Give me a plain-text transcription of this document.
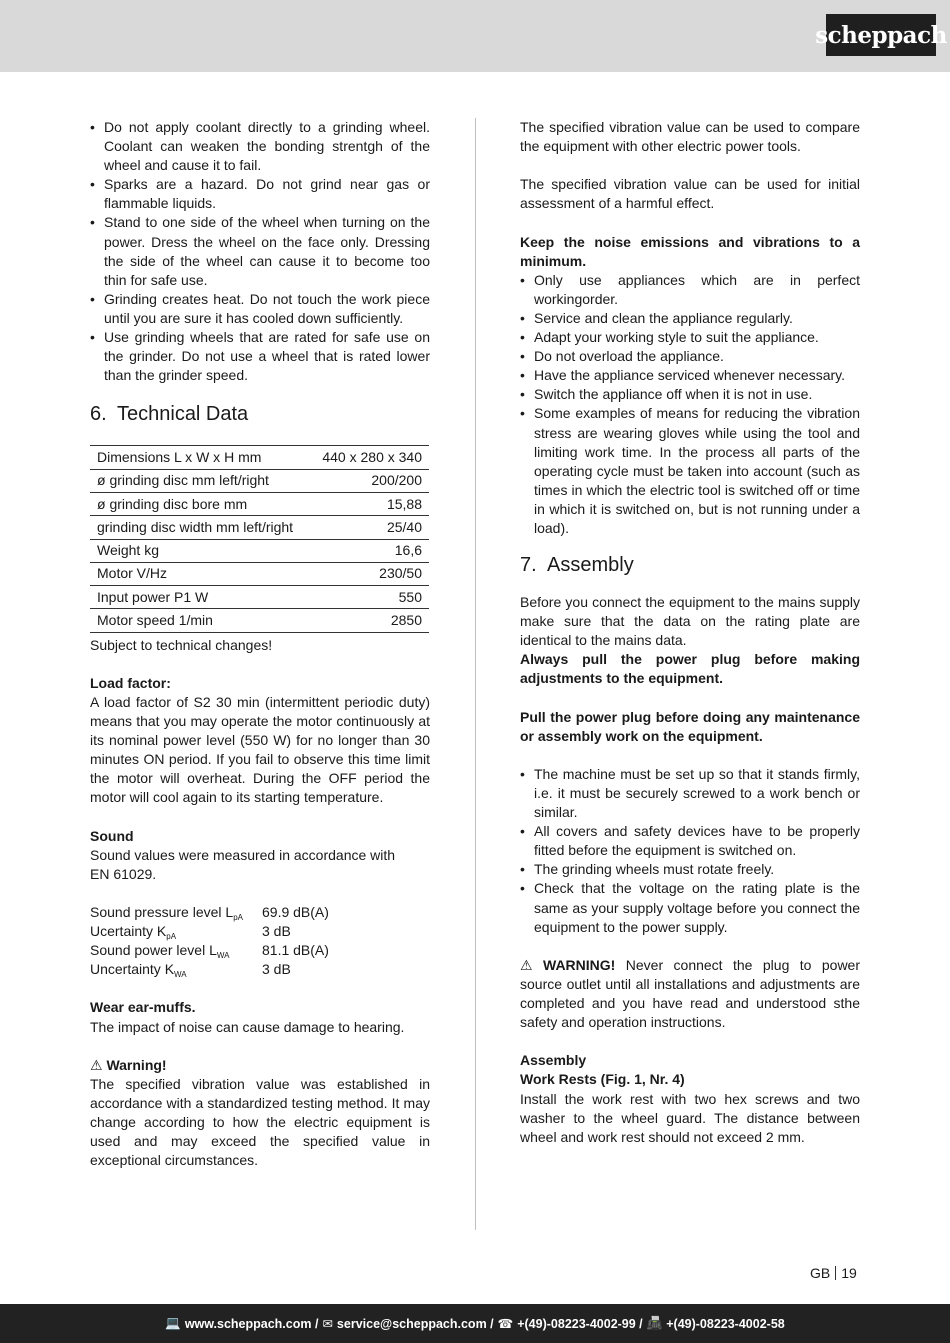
scheppach
• Do not apply coolant directly to a grinding wheel. Coolant can weaken the bonding strentgh of the wheel and cause it to fail.
• Sparks are a hazard. Do not grind near gas or flammable liquids.
• Stand to one side of the wheel when turning on the power. Dress the wheel on the face only. Dressing the side of the wheel can cause it to become too thin for safe use.
• Grinding creates heat. Do not touch the work piece until you are sure it has cooled down sufficiently.
• Use grinding wheels that are rated for safe use on the grinder. Do not use a wheel that is rated lower than the grinder speed.
6. Technical Data
Dimensions L x W x H mm	440 x 280 x 340
ø grinding disc mm left/right	200/200
ø grinding disc bore mm	15,88
grinding disc width mm left/right	25/40
Weight kg	16,6
Motor V/Hz	230/50
Input power P1 W	550
Motor speed 1/min	2850

Subject to technical changes!

Load factor:

A load factor of S2 30 min (intermittent periodic duty) means that you may operate the motor continuously at its nominal power level (550 W) for no longer than 30 minutes ON period. If you fail to observe this time limit the motor will overheat. During the OFF period the motor will cool again to its starting temperature.

Sound

Sound values were measured in accordance with EN 61029.

Sound pressure level $L_{pA}$	69.9 dB(A)
Ucertainty $K_{pA}$	3 dB
Sound power level $L_{WA}$	81.1 dB(A)
Uncertainty $K_{WA}$	3 dB

Wear ear-muffs.

The impact of noise can cause damage to hearing.

⚠ Warning!

The specified vibration value was established in accordance with a standardized testing method. It may change according to how the electric equipment is used and may exceed the specified value in exceptional circumstances.

The specified vibration value can be used to compare the equipment with other electric power tools.

The specified vibration value can be used for initial assessment of a harmful effect.

Keep the noise emissions and vibrations to a minimum.

• Only use appliances which are in perfect workingorder.
• Service and clean the appliance regularly.
• Adapt your working style to suit the appliance.
• Do not overload the appliance.
• Have the appliance serviced whenever necessary.
• Switch the appliance off when it is not in use.
• Some examples of means for reducing the vibration stress are wearing gloves while using the tool and limiting work time. In the process all parts of the operating cycle must be taken into account (such as times in which the electric tool is switched off or time in which it is switched on, but is not running under a load).
7. Assembly

Before you connect the equipment to the mains supply make sure that the data on the rating plate are identical to the mains data.

Always pull the power plug before making adjustments to the equipment.

Pull the power plug before doing any maintenance or assembly work on the equipment.

• The machine must be set up so that it stands firmly, i.e. it must be securely screwed to a work bench or similar.
• All covers and safety devices have to be properly fitted before the equipment is switched on.
• The grinding wheels must rotate freely.
• Check that the voltage on the rating plate is the same as your supply voltage before you connect the equipment to the power supply.

⚠ WARNING! Never connect the plug to power source outlet until all installations and adjustments are completed and you have read and understood sthe safety and operation instructions.

Assembly

Work Rests (Fig. 1, Nr. 4)

Install the work rest with two hex screws and two washer to the wheel guard. The distance between wheel and work rest should not exceed 2 mm.

GB 19
💻 www.scheppach.com / ✉ service@scheppach.com / ☎ +(49)-08223-4002-99 / 📠 +(49)-08223-4002-58
